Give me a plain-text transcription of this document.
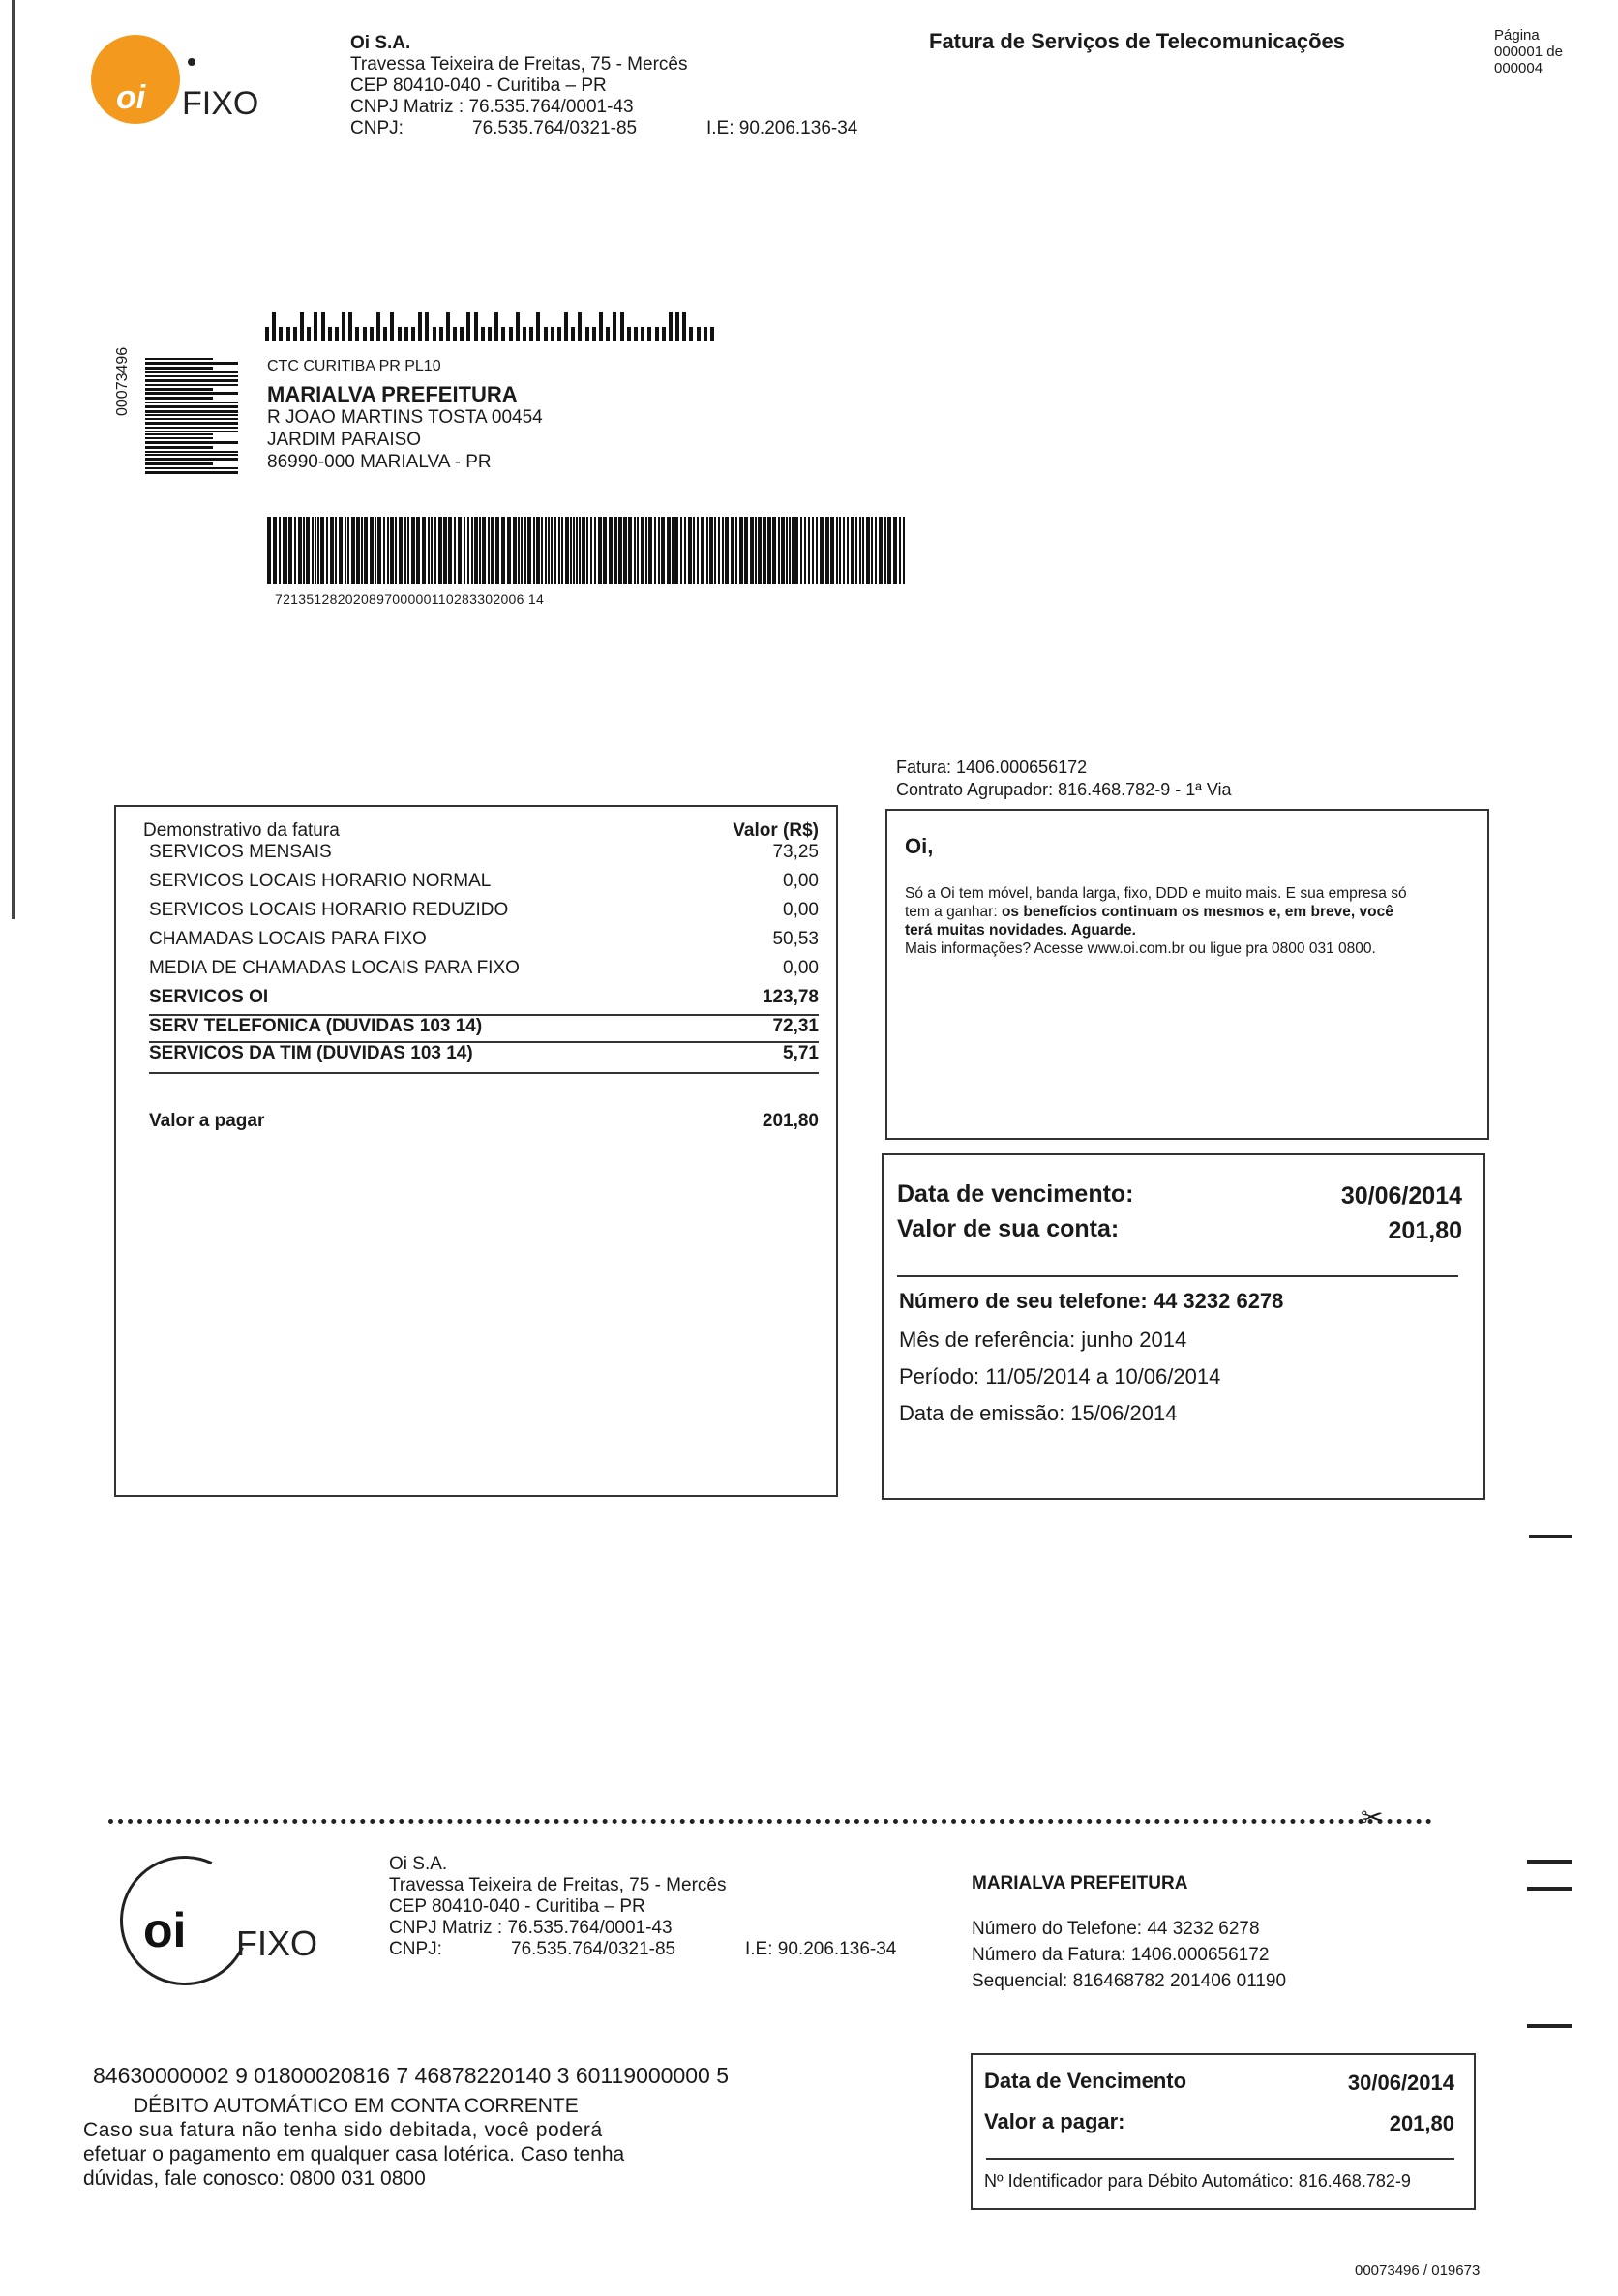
oi FIXO
Oi S.A.
Travessa Teixeira de Freitas, 75 - Mercês
CEP 80410-040 - Curitiba – PR
CNPJ Matriz : 76.535.764/0001-43
CNPJ:	76.535.764/0321-85	I.E: 90.206.136-34
Fatura de Serviços de Telecomunicações	Página
000001 de
000004
00073496	CTC CURITIBA PR PL10
MARIALVA PREFEITURA
R JOAO MARTINS TOSTA 00454
JARDIM PARAISO
86990-000 MARIALVA - PR
72135128202089700000110283302006 14
Fatura: 1406.000656172
Contrato Agrupador: 816.468.782-9 - 1ª Via
Demonstrativo da fatura	Valor (R$)
SERVICOS MENSAIS	73,25
SERVICOS LOCAIS HORARIO NORMAL	0,00
SERVICOS LOCAIS HORARIO REDUZIDO	0,00
CHAMADAS LOCAIS PARA FIXO	50,53
MEDIA DE CHAMADAS LOCAIS PARA FIXO	0,00
SERVICOS OI	123,78
SERV TELEFONICA (DUVIDAS 103 14)	72,31
SERVICOS DA TIM (DUVIDAS 103 14)	5,71
Valor a pagar	201,80
Oi,
Só a Oi tem móvel, banda larga, fixo, DDD e muito mais. E sua empresa só
tem a ganhar: os benefícios continuam os mesmos e, em breve, você
terá muitas novidades. Aguarde.
Mais informações? Acesse www.oi.com.br ou ligue pra 0800 031 0800.
Data de vencimento:	30/06/2014
Valor de sua conta:	201,80
Número de seu telefone: 44 3232 6278
Mês de referência: junho 2014
Período: 11/05/2014 a 10/06/2014
Data de emissão: 15/06/2014
✂
oi FIXO
Oi S.A.
Travessa Teixeira de Freitas, 75 - Mercês
CEP 80410-040 - Curitiba – PR
CNPJ Matriz : 76.535.764/0001-43
CNPJ:	76.535.764/0321-85	I.E: 90.206.136-34
MARIALVA PREFEITURA
Número do Telefone: 44 3232 6278
Número da Fatura: 1406.000656172
Sequencial: 816468782 201406 01190
84630000002 9 01800020816 7 46878220140 3 60119000000 5
DÉBITO AUTOMÁTICO EM CONTA CORRENTE
Caso sua fatura não tenha sido debitada, você poderá
efetuar o pagamento em qualquer casa lotérica. Caso tenha
dúvidas, fale conosco: 0800 031 0800
Data de Vencimento	30/06/2014
Valor a pagar:	201,80
Nº Identificador para Débito Automático: 816.468.782-9
00073496 / 019673
